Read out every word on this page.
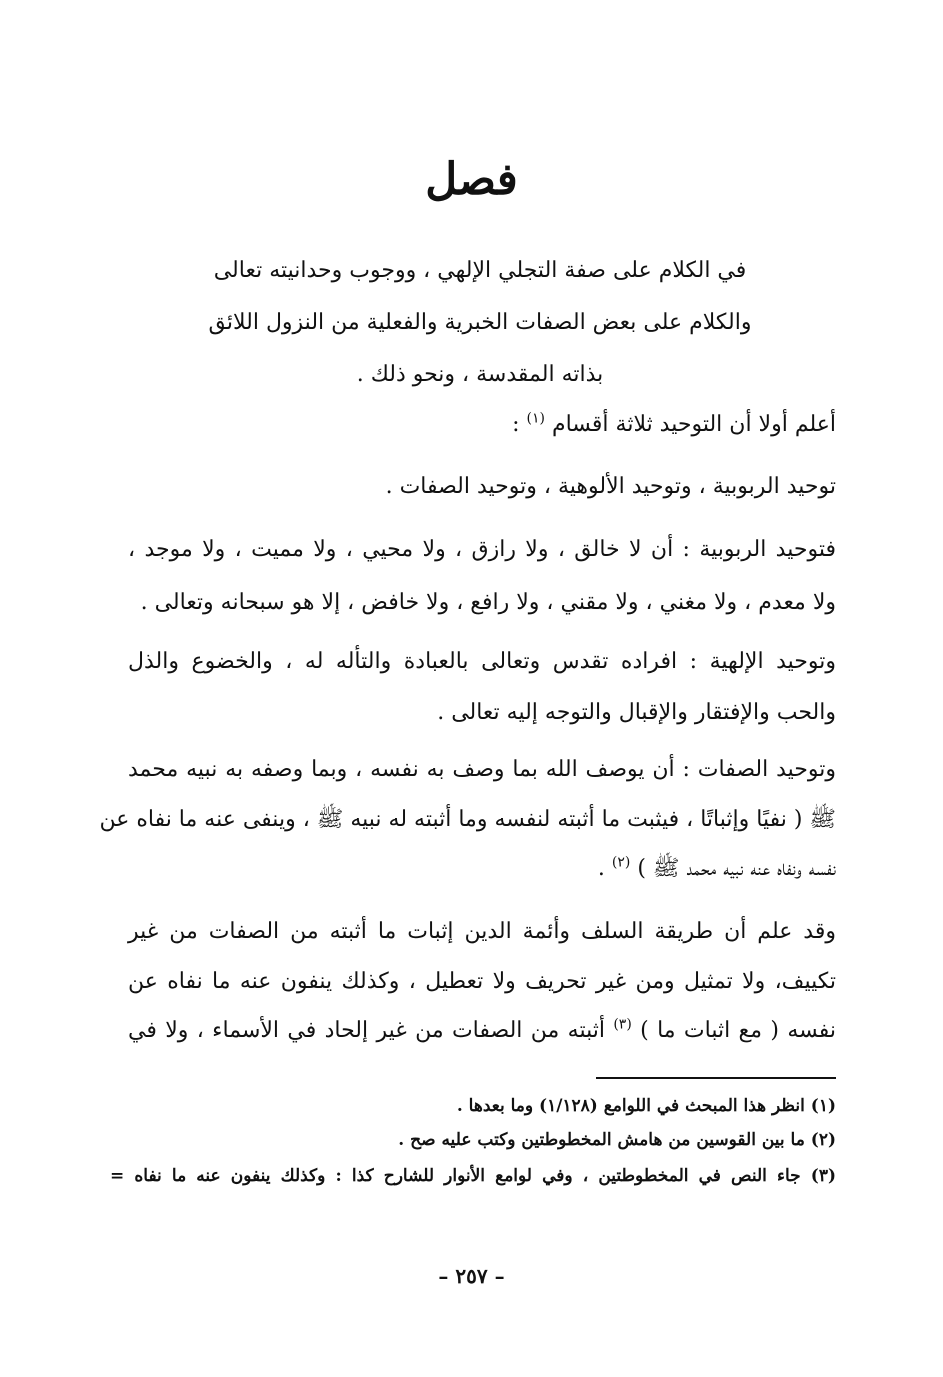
فصل
في الكلام على صفة التجلي الإلهي ، ووجوب وحدانيته تعالى
والكلام على بعض الصفات الخبرية والفعلية من النزول اللائق
بذاته المقدسة ، ونحو ذلك .
أعلم أولا أن التوحيد ثلاثة أقسام $^{(١)}$ :
توحيد الربوبية ، وتوحيد الألوهية ، وتوحيد الصفات .
فتوحيد الربوبية : أن لا خالق ، ولا رازق ، ولا محيي ، ولا مميت ، ولا موجد ،
ولا معدم ، ولا مغني ، ولا مقني ، ولا رافع ، ولا خافض ، إلا هو سبحانه وتعالى .
وتوحيد الإلهية : افراده تقدس وتعالى بالعبادة والتأله له ، والخضوع والذل
والحب والإفتقار والإقبال والتوجه إليه تعالى .
وتوحيد الصفات : أن يوصف الله بما وصف به نفسه ، وبما وصفه به نبيه محمد
ﷺ ( نفيًا وإثباتًا ، فيثبت ما أثبته لنفسه وما أثبته له نبيه ﷺ ، وينفى عنه ما نفاه عن
نفسه ونفاه عنه نبيه محمد ﷺ ) $^{(٢)}$ .
وقد علم أن طريقة السلف وأئمة الدين إثبات ما أثبته من الصفات من غير
تكييف، ولا تمثيل ومن غير تحريف ولا تعطيل ، وكذلك ينفون عنه ما نفاه عن
نفسه ( مع اثبات ما ) $^{(٣)}$ أثبته من الصفات من غير إلحاد في الأسماء ، ولا في
(١) انظر هذا المبحث في اللوامع (١/١٢٨) وما بعدها .
(٢) ما بين القوسين من هامش المخطوطتين وكتب عليه صح .
(٣) جاء النص في المخطوطتين ، وفي لوامع الأنوار للشارح كذا : وكذلك ينفون عنه ما نفاه =
– ٢٥٧ –
